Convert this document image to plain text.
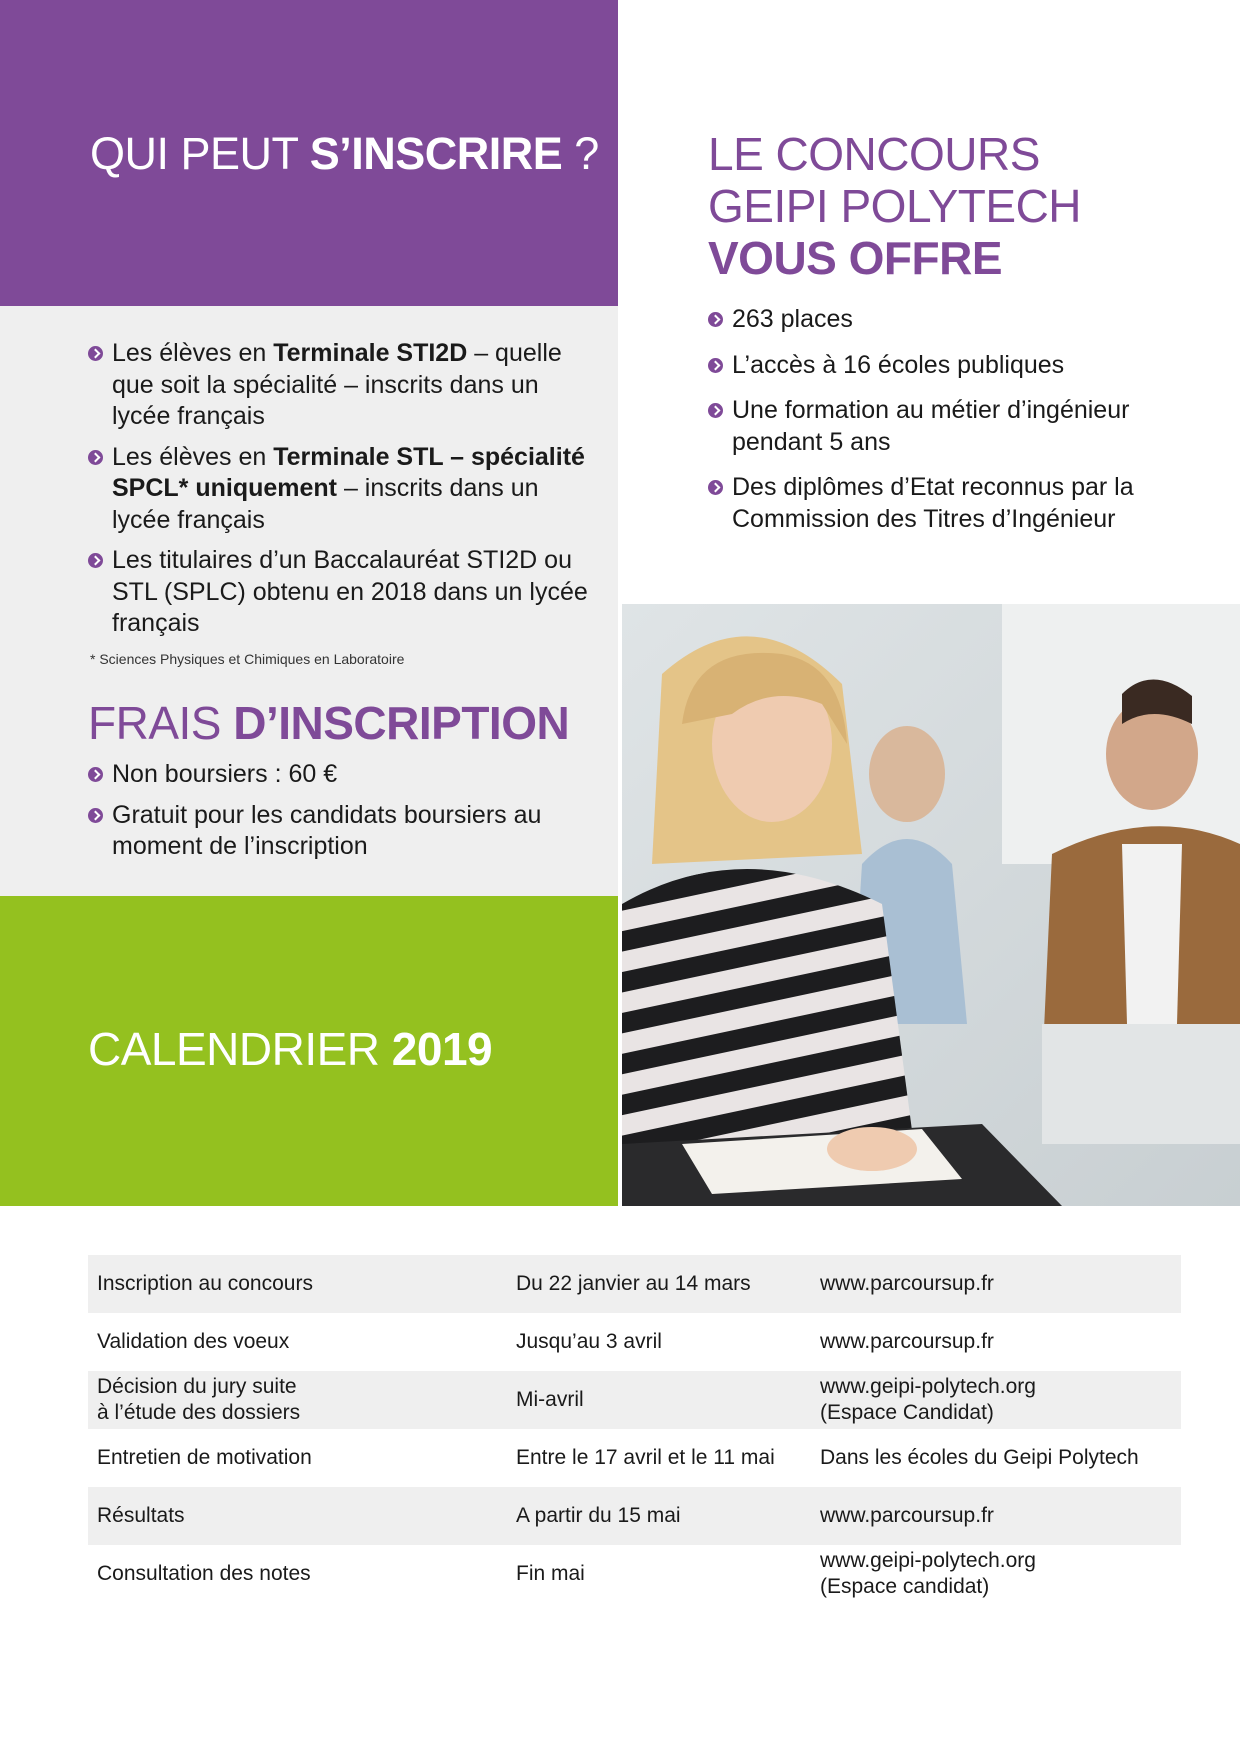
QUI PEUT S’INSCRIRE ?
Les élèves en Terminale STI2D – quelle que soit la spécialité – inscrits dans un lycée français
Les élèves en Terminale STL – spécialité SPCL* uniquement – inscrits dans un lycée français
Les titulaires d’un Baccalauréat STI2D ou STL (SPLC) obtenu en 2018 dans un lycée français
* Sciences Physiques et Chimiques en Laboratoire
FRAIS D’INSCRIPTION
Non boursiers : 60 €
Gratuit pour les candidats boursiers au moment de l’inscription
LE CONCOURS
GEIPI POLYTECH
VOUS OFFRE
263 places
L’accès à 16 écoles publiques
Une formation au métier d’ingénieur pendant 5 ans
Des diplômes d’Etat reconnus par la Commission des Titres d’Ingénieur
CALENDRIER 2019
Inscription au concours	Du 22 janvier au 14 mars	www.parcoursup.fr

Validation des voeux	Jusqu’au 3 avril	www.parcoursup.fr

Décision du jury suite
à l’étude des dossiers	Mi-avril	www.geipi-polytech.org
(Espace Candidat)

Entretien de motivation	Entre le 17 avril et le 11 mai	Dans les écoles du Geipi Polytech

Résultats	A partir du 15 mai	www.parcoursup.fr

Consultation des notes	Fin mai	www.geipi-polytech.org
(Espace candidat)
